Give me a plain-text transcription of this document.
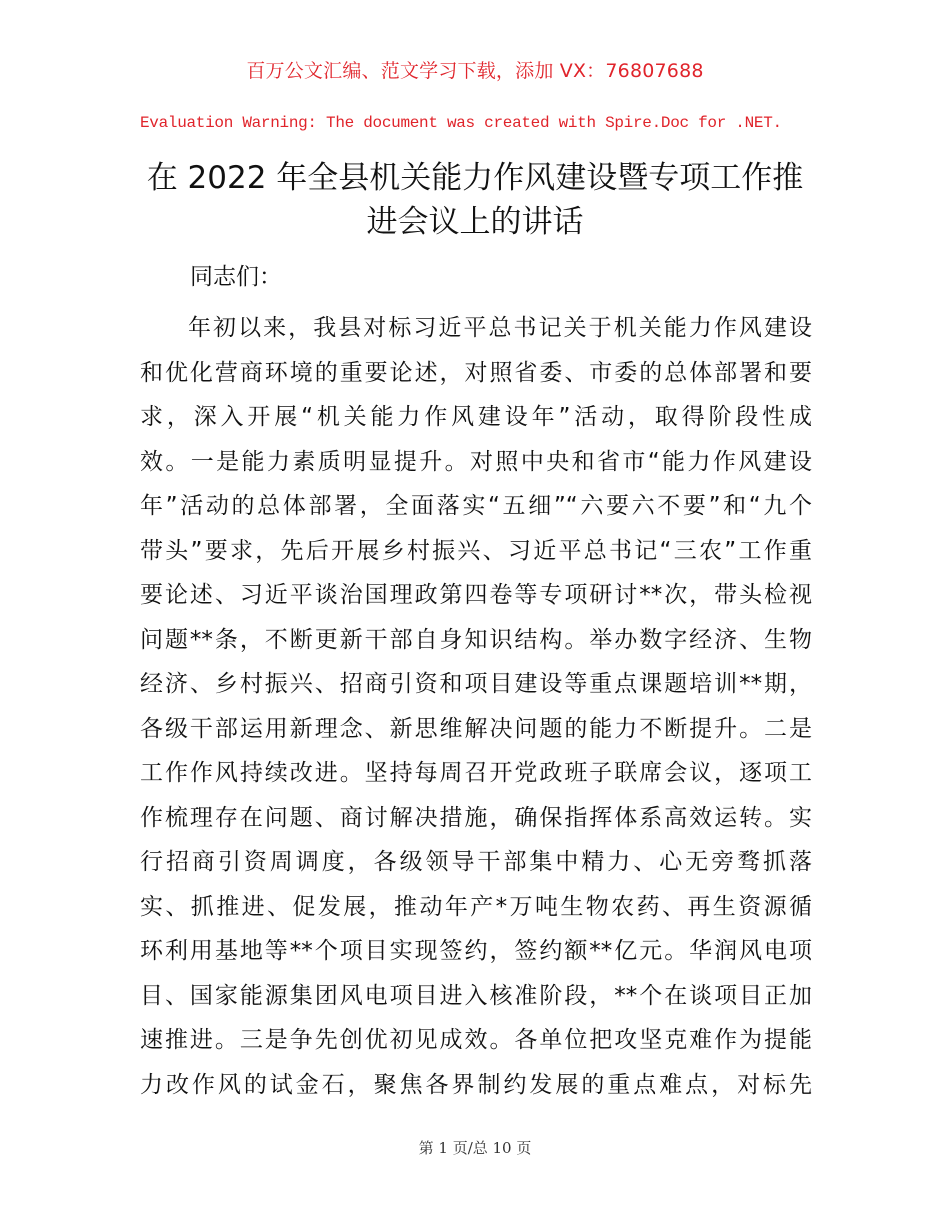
百万公文汇编、范文学习下载，添加 VX：76807688
Evaluation Warning: The document was created with Spire.Doc for .NET.
在 2022 年全县机关能力作风建设暨专项工作推
进会议上的讲话
同志们：
年初以来，我县对标习近平总书记关于机关能力作风建设
和优化营商环境的重要论述，对照省委、市委的总体部署和要
求，深入开展“机关能力作风建设年”活动，取得阶段性成
效。一是能力素质明显提升。对照中央和省市“能力作风建设
年”活动的总体部署，全面落实“五细”“六要六不要”和“九个
带头”要求，先后开展乡村振兴、习近平总书记“三农”工作重
要论述、习近平谈治国理政第四卷等专项研讨**次，带头检视
问题**条，不断更新干部自身知识结构。举办数字经济、生物
经济、乡村振兴、招商引资和项目建设等重点课题培训**期，
各级干部运用新理念、新思维解决问题的能力不断提升。二是
工作作风持续改进。坚持每周召开党政班子联席会议，逐项工
作梳理存在问题、商讨解决措施，确保指挥体系高效运转。实
行招商引资周调度，各级领导干部集中精力、心无旁骛抓落
实、抓推进、促发展，推动年产*万吨生物农药、再生资源循
环利用基地等**个项目实现签约，签约额**亿元。华润风电项
目、国家能源集团风电项目进入核准阶段，**个在谈项目正加
速推进。三是争先创优初见成效。各单位把攻坚克难作为提能
力改作风的试金石，聚焦各界制约发展的重点难点，对标先
第 1 页/总 10 页
